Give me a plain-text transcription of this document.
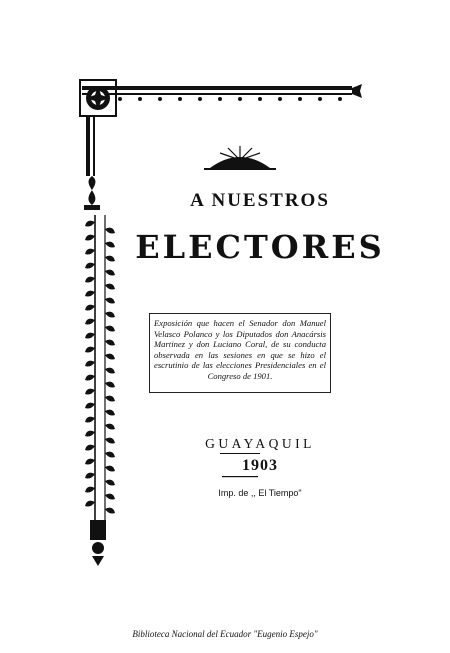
A NUESTROS
ELECTORES

Exposición que hacen el Senador don Manuel Velasco Polanco y los Diputados don Anacársis Martinez y don Luciano Coral, de su conducta observada en las sesiones en que se hizo el escrutinio de las elecciones Presidenciales en el Congreso de 1901.

GUAYAQUIL
1903
Imp. de ,, El Tiempo"
Biblioteca Nacional del Ecuador "Eugenio Espejo"
